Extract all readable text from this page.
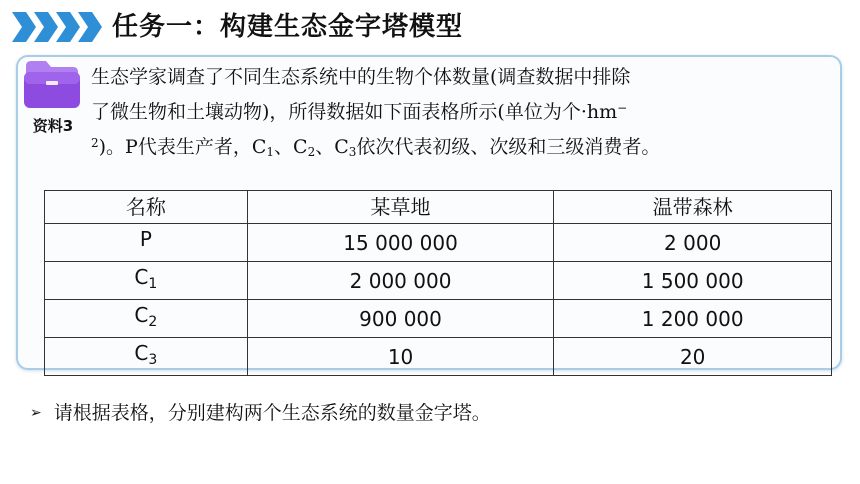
任务一：构建生态金字塔模型
资料3
生态学家调查了不同生态系统中的生物个体数量(调查数据中排除
了微生物和土壤动物)，所得数据如下面表格所示(单位为个·hm−
$^2$)。P代表生产者，$C_1$、$C_2$、$C_3$依次代表初级、次级和三级消费者。
名称	某草地	温带森林
P	15 000 000	2 000
$C_1$	2 000 000	1 500 000
$C_2$	900 000	1 200 000
$C_3$	10	20
➢ 请根据表格，分别建构两个生态系统的数量金字塔。
